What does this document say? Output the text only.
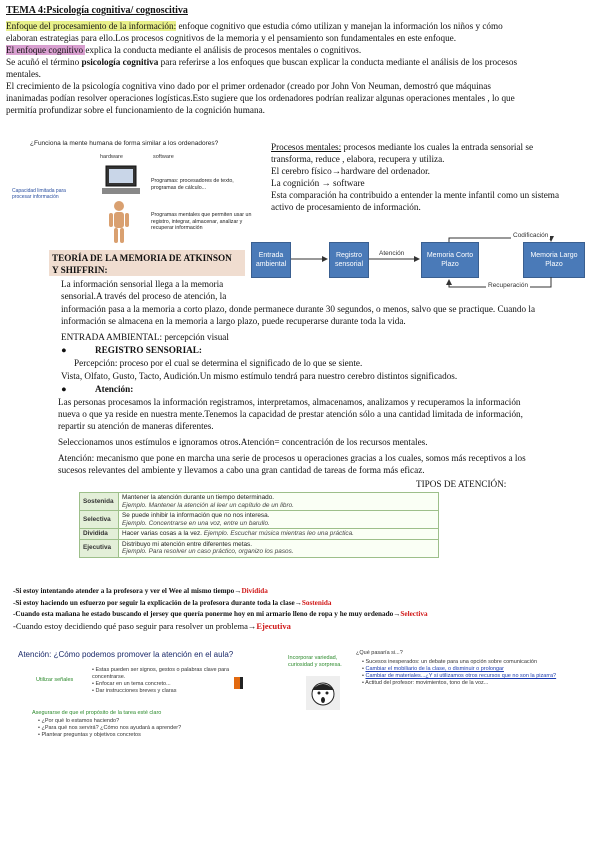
TEMA 4:Psicología cognitiva/ cognoscitiva
Enfoque del procesamiento de la información: enfoque cognitivo que estudia cómo utilizan y manejan la información los niños y cómo
elaboran estrategias para ello.Los procesos cognitivos de la memoria y el pensamiento son fundamentales en este enfoque.
El enfoque cognitivo explica la conducta mediante el análisis de procesos mentales o cognitivos.
Se acuñó el término psicología cognitiva para referirse a los enfoques que buscan explicar la conducta mediante el análisis de los procesos
mentales.
El crecimiento de la psicología cognitiva vino dado por el primer ordenador (creado por John Von Neuman, demostró que máquinas
inanimadas podían resolver operaciones logísticas.Esto sugiere que los ordenadores podrían realizar algunas operaciones mentales , lo que
permitía profundizar sobre el funcionamiento de la cognición humana.
¿Funciona la mente humana de forma similar a los ordenadores?
hardware	software
Capacidad limitada para procesar información
Programas: procesadores de texto, programas de cálculo...
Programas mentales que permiten usar un registro, integrar, almacenar, analizar y recuperar información
Procesos mentales: procesos mediante los cuales la entrada sensorial se
transforma, reduce , elabora, recupera y utiliza.
El cerebro físico→hardware del ordenador.
La cognición → software
Esta comparación ha contribuido a entender la mente infantil como un sistema
activo de procesamiento de información.
Entrada ambiental
Registro sensorial
Memoria Corto Plazo
Memoria Largo Plazo
Atención
Codificación
Recuperación
TEORÍA DE LA MEMORIA DE ATKINSON
Y SHIFFRIN:
La información sensorial llega a la memoria
sensorial.A través del proceso de atención, la
información pasa a la memoria a corto plazo, donde permanece durante 30 segundos, o menos, salvo que se practique. Cuando la
información se almacena en la memoria a largo plazo, puede recuperarse durante toda la vida.
ENTRADA AMBIENTAL: percepción visual
●	REGISTRO SENSORIAL:
Percepción: proceso por el cual se determina el significado de lo que se siente.
Vista, Olfato, Gusto, Tacto, Audición.Un mismo estímulo tendrá para nuestro cerebro distintos significados.
●	Atención:
Las personas procesamos la información registramos, interpretamos, almacenamos, analizamos y recuperamos la información
nueva o que ya reside en nuestra mente.Tenemos la capacidad de prestar atención sólo a una cantidad limitada de información,
repartir su atención de maneras diferentes.
Seleccionamos unos estímulos e ignoramos otros.Atención= concentración de los recursos mentales.
Atención: mecanismo que pone en marcha una serie de procesos u operaciones gracias a los cuales, somos más receptivos a los
sucesos relevantes del ambiente y llevamos a cabo una gran cantidad de tareas de forma más eficaz.
TIPOS DE ATENCIÓN:
Sostenida	Mantener la atención durante un tiempo determinado.
Ejemplo. Mantener la atención al leer un capítulo de un libro.

Selectiva	Se puede inhibir la información que no nos interesa.
Ejemplo. Concentrarse en una voz, entre un barullo.

Dividida	Hacer varias cosas a la vez. Ejemplo. Escuchar música mientras leo una práctica.
Ejecutiva	Distribuyo mi atención entre diferentes metas.
Ejemplo. Para resolver un caso práctico, organizo los pasos.
-Si estoy intentando atender a la profesora y ver el Wee al mismo tiempo→Dividida
-Si estoy haciendo un esfuerzo por seguir la explicación de la profesora durante toda la clase→Sostenida
-Cuando esta mañana he estado buscando el jersey que quería ponerme hoy en mi armario lleno de ropa y he muy ordenado→Selectiva
-Cuando estoy decidiendo qué paso seguir para resolver un problema→Ejecutiva
Atención: ¿Cómo podemos promover la atención en el aula?
Utilizar señales
• Estas pueden ser signos, gestos o palabras clave para concentrarse.
• Enfocar en un tema concreto...
• Dar instrucciones breves y claras
Asegurarse de que el propósito de la tarea esté claro
• ¿Por qué lo estamos haciendo?
• ¿Para qué nos servirá? ¿Cómo nos ayudará a aprender?
• Plantear preguntas y objetivos concretos
Incorporar variedad, curiosidad y sorpresa.
¿Qué pasaría si...?
• Sucesos inesperados: un debate para una opción sobre comunicación
• Cambiar el mobiliario de la clase, o disminuir o prolongar
• Cambiar de materiales...¿Y si utilizamos otros recursos que no son la pizarra?
• Actitud del profesor: movimientos, tono de la voz...
